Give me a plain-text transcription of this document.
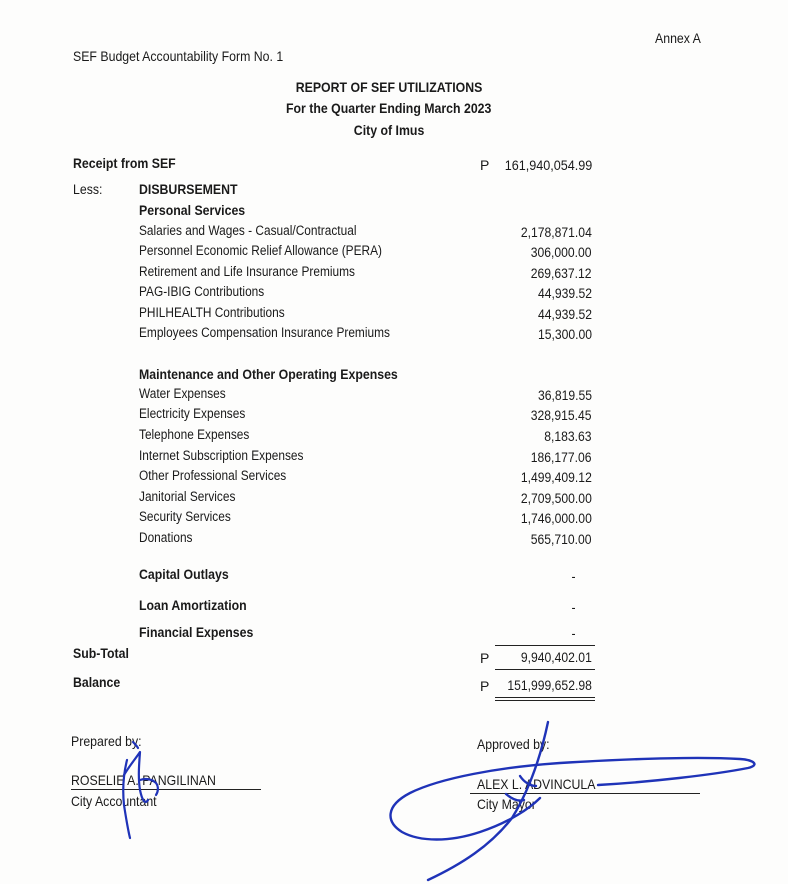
Annex A
SEF Budget Accountability Form No. 1
REPORT OF SEF UTILIZATIONS
For the Quarter Ending March 2023
City of Imus
Receipt from SEF	P	161,940,054.99
Less:	DISBURSEMENT
Personal Services
Salaries and Wages - Casual/Contractual	2,178,871.04
Personnel Economic Relief Allowance (PERA)	306,000.00
Retirement and Life Insurance Premiums	269,637.12
PAG-IBIG Contributions	44,939.52
PHILHEALTH Contributions	44,939.52
Employees Compensation Insurance Premiums	15,300.00
Maintenance and Other Operating Expenses
Water Expenses	36,819.55
Electricity Expenses	328,915.45
Telephone Expenses	8,183.63
Internet Subscription Expenses	186,177.06
Other Professional Services	1,499,409.12
Janitorial Services	2,709,500.00
Security Services	1,746,000.00
Donations	565,710.00
Capital Outlays	-
Loan Amortization	-
Financial Expenses	-
Sub-Total	P	9,940,402.01
Balance	P	151,999,652.98
Prepared by:
ROSELIE A. PANGILINAN
City Accountant
Approved by:
ALEX L. ADVINCULA
City Mayor
